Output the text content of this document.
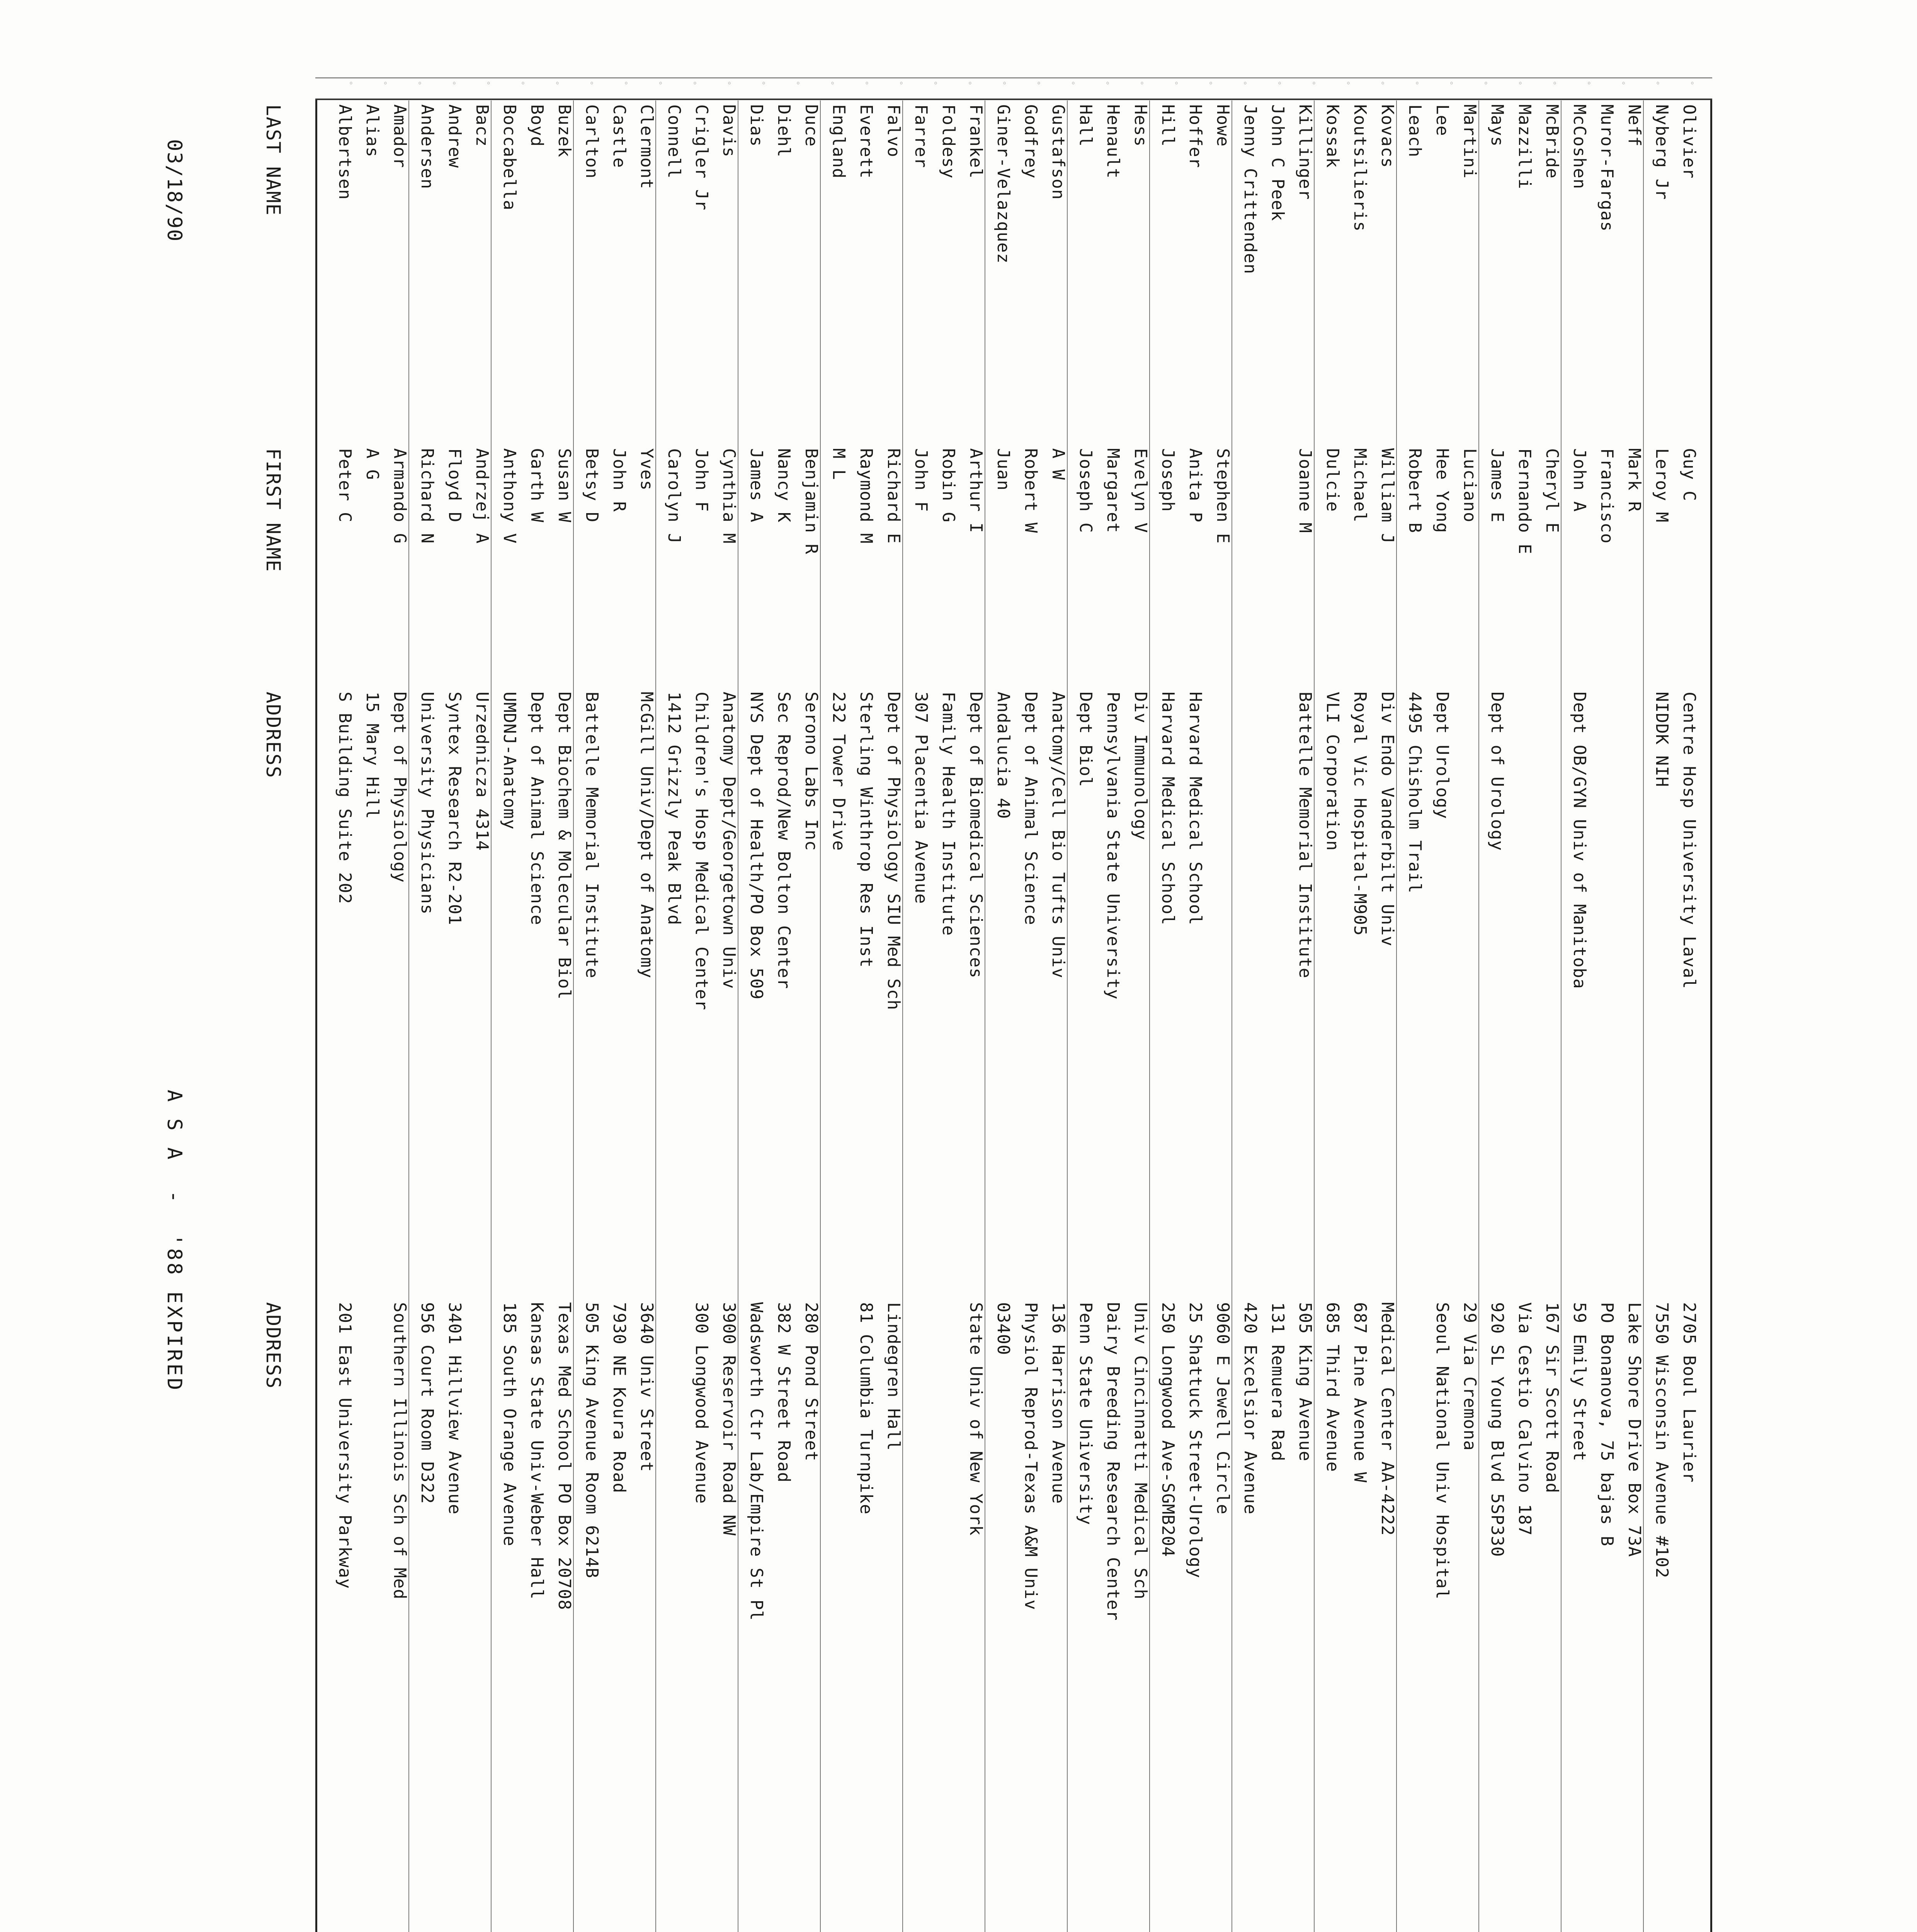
03/18/90
A S A  -  '88 EXPIRED
LAST NAME
FIRST NAME
ADDRESS
ADDRESS
◦
◦
◦
◦
◦
◦
◦
◦
◦
◦
◦
◦
◦
◦
◦
◦
◦
◦
◦
◦
◦
◦
◦
◦
◦
◦
◦
◦
◦
◦
◦
◦
◦
◦
◦
◦
◦
◦
◦
◦
Albertsen
Peter C
S Building Suite 202
201 East University Parkway
Alias
A G
15 Mary Hill
Amador
Armando G
Dept of Physiology
Southern Illinois Sch of Med
Andersen
Richard N
University Physicians
956 Court Room D322
Andrew
Floyd D
Syntex Research R2-201
3401 Hillview Avenue
Bacz
Andrzej A
Urzednicza 4314
Boccabella
Anthony V
UMDNJ-Anatomy
185 South Orange Avenue
Boyd
Garth W
Dept of Animal Science
Kansas State Univ-Weber Hall
Buzek
Susan W
Dept Biochem & Molecular Biol
Texas Med School PO Box 20708
Carlton
Betsy D
Battelle Memorial Institute
505 King Avenue Room 6214B
Castle
John R
7930 NE Koura Road
Clermont
Yves
McGill Univ/Dept of Anatomy
3640 Univ Street
Connell
Carolyn J
1412 Grizzly Peak Blvd
Crigler Jr
John F
Children's Hosp Medical Center
300 Longwood Avenue
Davis
Cynthia M
Anatomy Dept/Georgetown Univ
3900 Reservoir Road NW
Dias
James A
NYS Dept of Health/PO Box 509
Wadsworth Ctr Lab/Empire St Pl
Diehl
Nancy K
Sec Reprod/New Bolton Center
382 W Street Road
Duce
Benjamin R
Serono Labs Inc
280 Pond Street
England
M L
232 Tower Drive
Everett
Raymond M
Sterling Winthrop Res Inst
81 Columbia Turnpike
Falvo
Richard E
Dept of Physiology SIU Med Sch
Lindegren Hall
Farrer
John F
307 Placentia Avenue
Foldesy
Robin G
Family Health Institute
Frankel
Arthur I
Dept of Biomedical Sciences
State Univ of New York
Giner-Velazquez
Juan
Andalucia 40
03400
Godfrey
Robert W
Dept of Animal Science
Physiol Reprod-Texas A&M Univ
Gustafson
A W
Anatomy/Cell Bio Tufts Univ
136 Harrison Avenue
Hall
Joseph C
Dept Biol
Penn State University
Henault
Margaret
Pennsylvania State University
Dairy Breeding Research Center
Hess
Evelyn V
Div Immunology
Univ Cincinnatti Medical Sch
Hill
Joseph
Harvard Medical School
250 Longwood Ave-SGMB204
Hoffer
Anita P
Harvard Medical School
25 Shattuck Street-Urology
Howe
Stephen E
9060 E Jewell Circle
Jenny Crittenden
420 Excelsior Avenue
John C Peek
131 Remuera Rad
Killinger
Joanne M
Battelle Memorial Institute
505 King Avenue
Kossak
Dulcie
VLI Corporation
685 Third Avenue
Koutsilieris
Michael
Royal Vic Hospital-M905
687 Pine Avenue W
Kovacs
William J
Div Endo Vanderbilt Univ
Medical Center AA-4222
Leach
Robert B
4495 Chisholm Trail
Lee
Hee Yong
Dept Urology
Seoul National Univ Hospital
Martini
Luciano
29 Via Cremona
Mays
James E
Dept of Urology
920 SL Young Blvd 5SP330
Mazzilli
Fernando E
Via Cestio Calvino 187
McBride
Cheryl E
167 Sir Scott Road
McCoshen
John A
Dept OB/GYN Univ of Manitoba
59 Emily Street
Muror-Fargas
Francisco
PO Bonanova, 75 bajas B
Neff
Mark R
Lake Shore Drive Box 73A
Nyberg Jr
Leroy M
NIDDK NIH
7550 Wisconsin Avenue #102
Olivier
Guy C
Centre Hosp University Laval
2705 Boul Laurier
